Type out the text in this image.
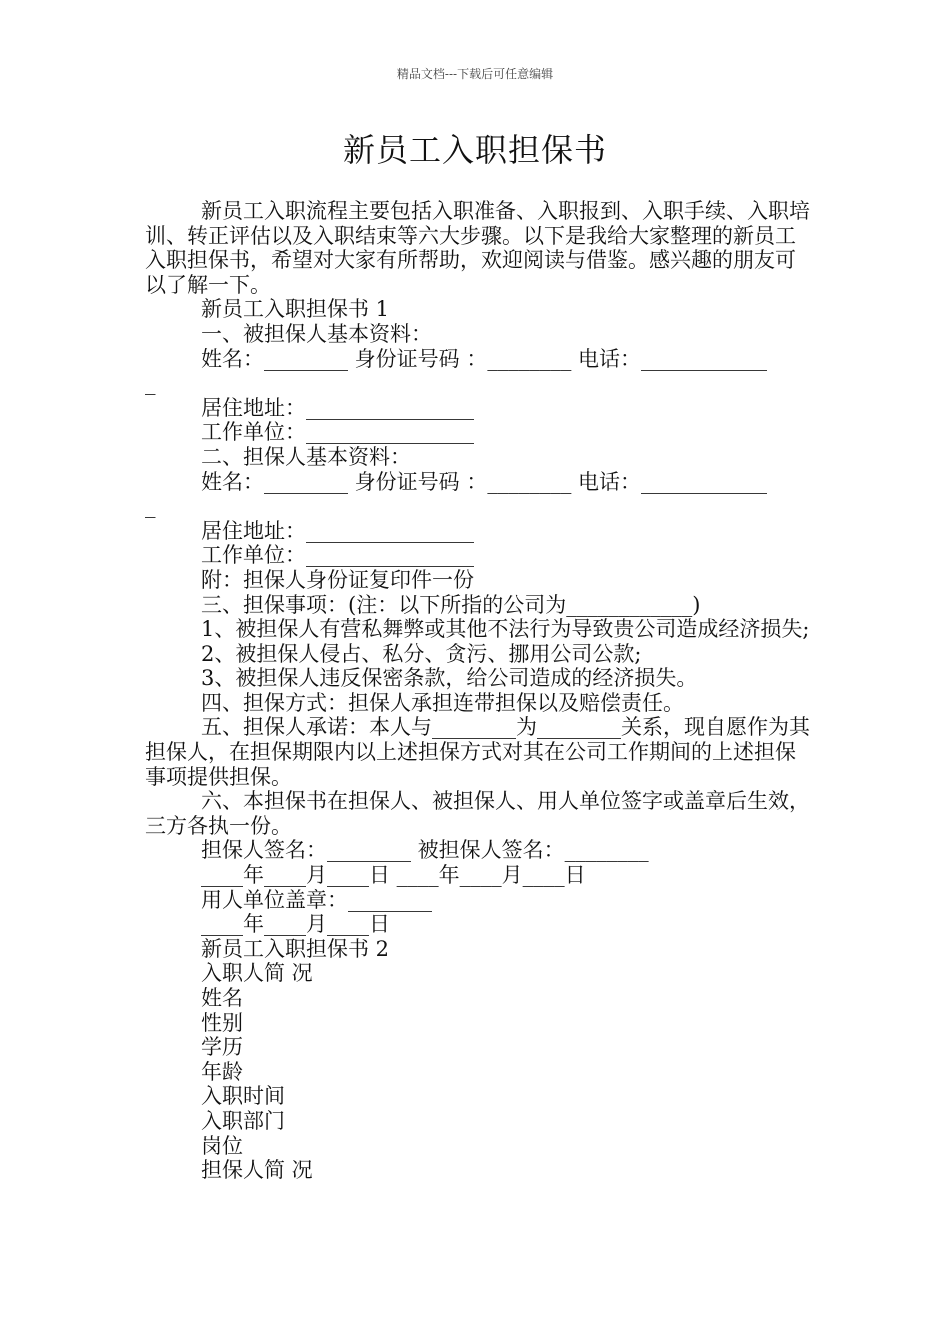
精品文档---下载后可任意编辑
新员工入职担保书

新员工入职流程主要包括入职准备、入职报到、入职手续、入职培训、转正评估以及入职结束等六大步骤。以下是我给大家整理的新员工入职担保书，希望对大家有所帮助，欢迎阅读与借鉴。感兴趣的朋友可以了解一下。

新员工入职担保书 1

一、被担保人基本资料：

姓名：________ 身份证号码 ：________ 电话：____________

_

居住地址：________________

工作单位：________________

二、担保人基本资料：

姓名：________ 身份证号码 ：________ 电话：____________

_

居住地址：________________

工作单位：________________

附：担保人身份证复印件一份

三、担保事项：(注：以下所指的公司为____________)

1、被担保人有营私舞弊或其他不法行为导致贵公司造成经济损失;

2、被担保人侵占、私分、贪污、挪用公司公款;

3、被担保人违反保密条款，给公司造成的经济损失。

四、担保方式：担保人承担连带担保以及赔偿责任。

五、担保人承诺：本人与________为________关系，现自愿作为其担保人，在担保期限内以上述担保方式对其在公司工作期间的上述担保事项提供担保。

六、本担保书在担保人、被担保人、用人单位签字或盖章后生效，三方各执一份。

担保人签名：________ 被担保人签名：________

____年____月____日 ____年____月____日

用人单位盖章：________

____年____月____日

新员工入职担保书 2

入职人简 况

姓名

性别

学历

年龄

入职时间

入职部门

岗位

担保人简 况
